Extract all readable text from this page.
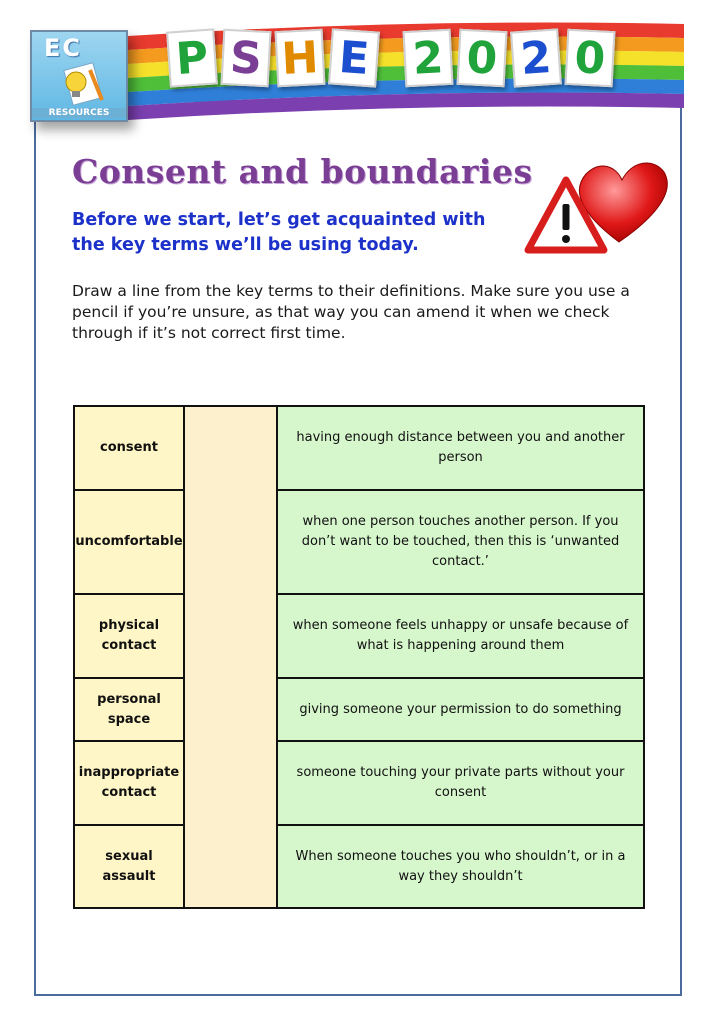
P S H E 2 0 2 0
EC
RESOURCES
Consent and boundaries
Before we start, let’s get acquainted with the key terms we’ll be using today.
Draw a line from the key terms to their definitions. Make sure you use a pencil if you’re unsure, as that way you can amend it when we check through if it’s not correct first time.
consent
having enough distance between you and another person
uncomfortable
when one person touches another person. If you don’t want to be touched, then this is ‘unwanted contact.’
physical contact
when someone feels unhappy or unsafe because of what is happening around them
personal space
giving someone your permission to do something
inappropriate contact
someone touching your private parts without your consent
sexual assault
When someone touches you who shouldn’t, or in a way they shouldn’t
